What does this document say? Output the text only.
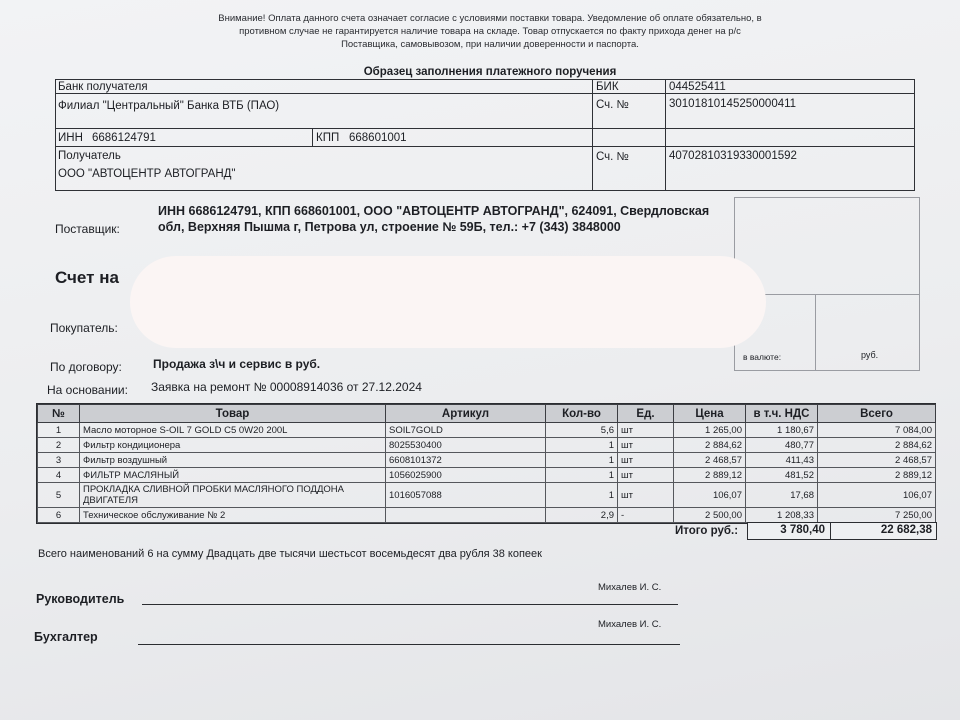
Внимание! Оплата данного счета означает согласие с условиями поставки товара. Уведомление об оплате обязательно, в противном случае не гарантируется наличие товара на складе. Товар отпускается по факту прихода денег на р/с Поставщика, самовывозом, при наличии доверенности и паспорта.
Образец заполнения платежного поручения
Банк получателя
Филиал "Центральный" Банка ВТБ (ПАО)
БИК	044525411
Сч. №	30101810145250000411
ИНН 6686124791	КПП 668601001
Получатель
ООО "АВТОЦЕНТР АВТОГРАНД"
Сч. №	40702810319330001592
Поставщик:
ИНН 6686124791, КПП 668601001, ООО "АВТОЦЕНТР АВТОГРАНД", 624091, Свердловская обл, Верхняя Пышма г, Петрова ул, строение № 59Б, тел.: +7 (343) 3848000
в валюте:	руб.
Счет на
Покупатель:
По договору:	Продажа з\ч и сервис в руб.
На основании: Заявка на ремонт № 00008914036 от 27.12.2024
№	Товар	Артикул	Кол-во	Ед.	Цена	в т.ч. НДС	Всего
1	Масло моторное S-OIL 7 GOLD C5 0W20 200L	SOIL7GOLD	5,6	шт	1 265,00	1 180,67	7 084,00
2	Фильтр кондиционера	8025530400	1	шт	2 884,62	480,77	2 884,62
3	Фильтр воздушный	6608101372	1	шт	2 468,57	411,43	2 468,57
4	ФИЛЬТР МАСЛЯНЫЙ	1056025900	1	шт	2 889,12	481,52	2 889,12
5	ПРОКЛАДКА СЛИВНОЙ ПРОБКИ МАСЛЯНОГО ПОДДОНА ДВИГАТЕЛЯ	1016057088	1	шт	106,07	17,68	106,07
6	Техническое обслуживание № 2		2,9	-	2 500,00	1 208,33	7 250,00
Итого руб.:	3 780,40	22 682,38
Всего наименований 6 на сумму Двадцать две тысячи шестьсот восемьдесят два рубля 38 копеек
Руководитель
Михалев И. С.
Бухгалтер
Михалев И. С.
